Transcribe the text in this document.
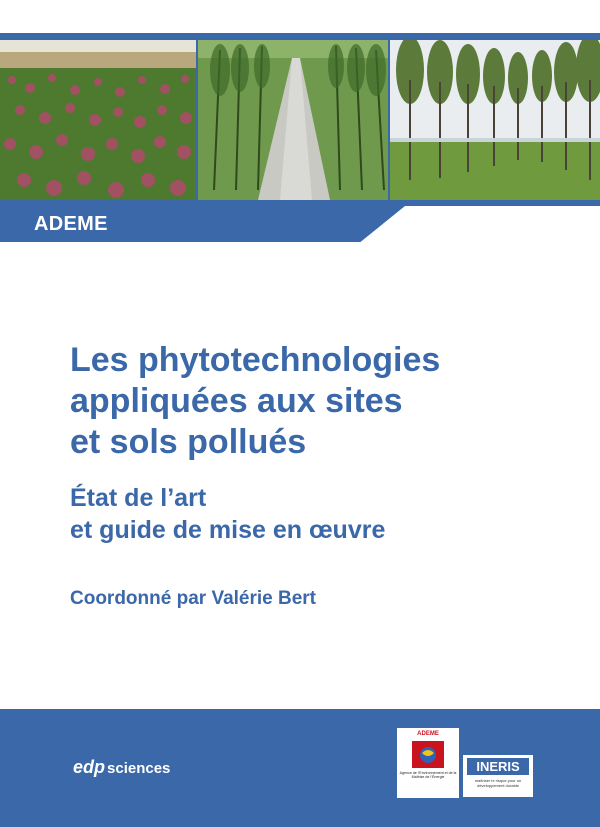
ADEME
Les phytotechnologies
appliquées aux sites
et sols pollués
État de l’art
et guide de mise en œuvre
Coordonné par Valérie Bert
edp sciences
ADEME
Agence de l’Environnement et de la Maîtrise de l’Énergie
INERIS
maîtriser le risque pour un développement durable
